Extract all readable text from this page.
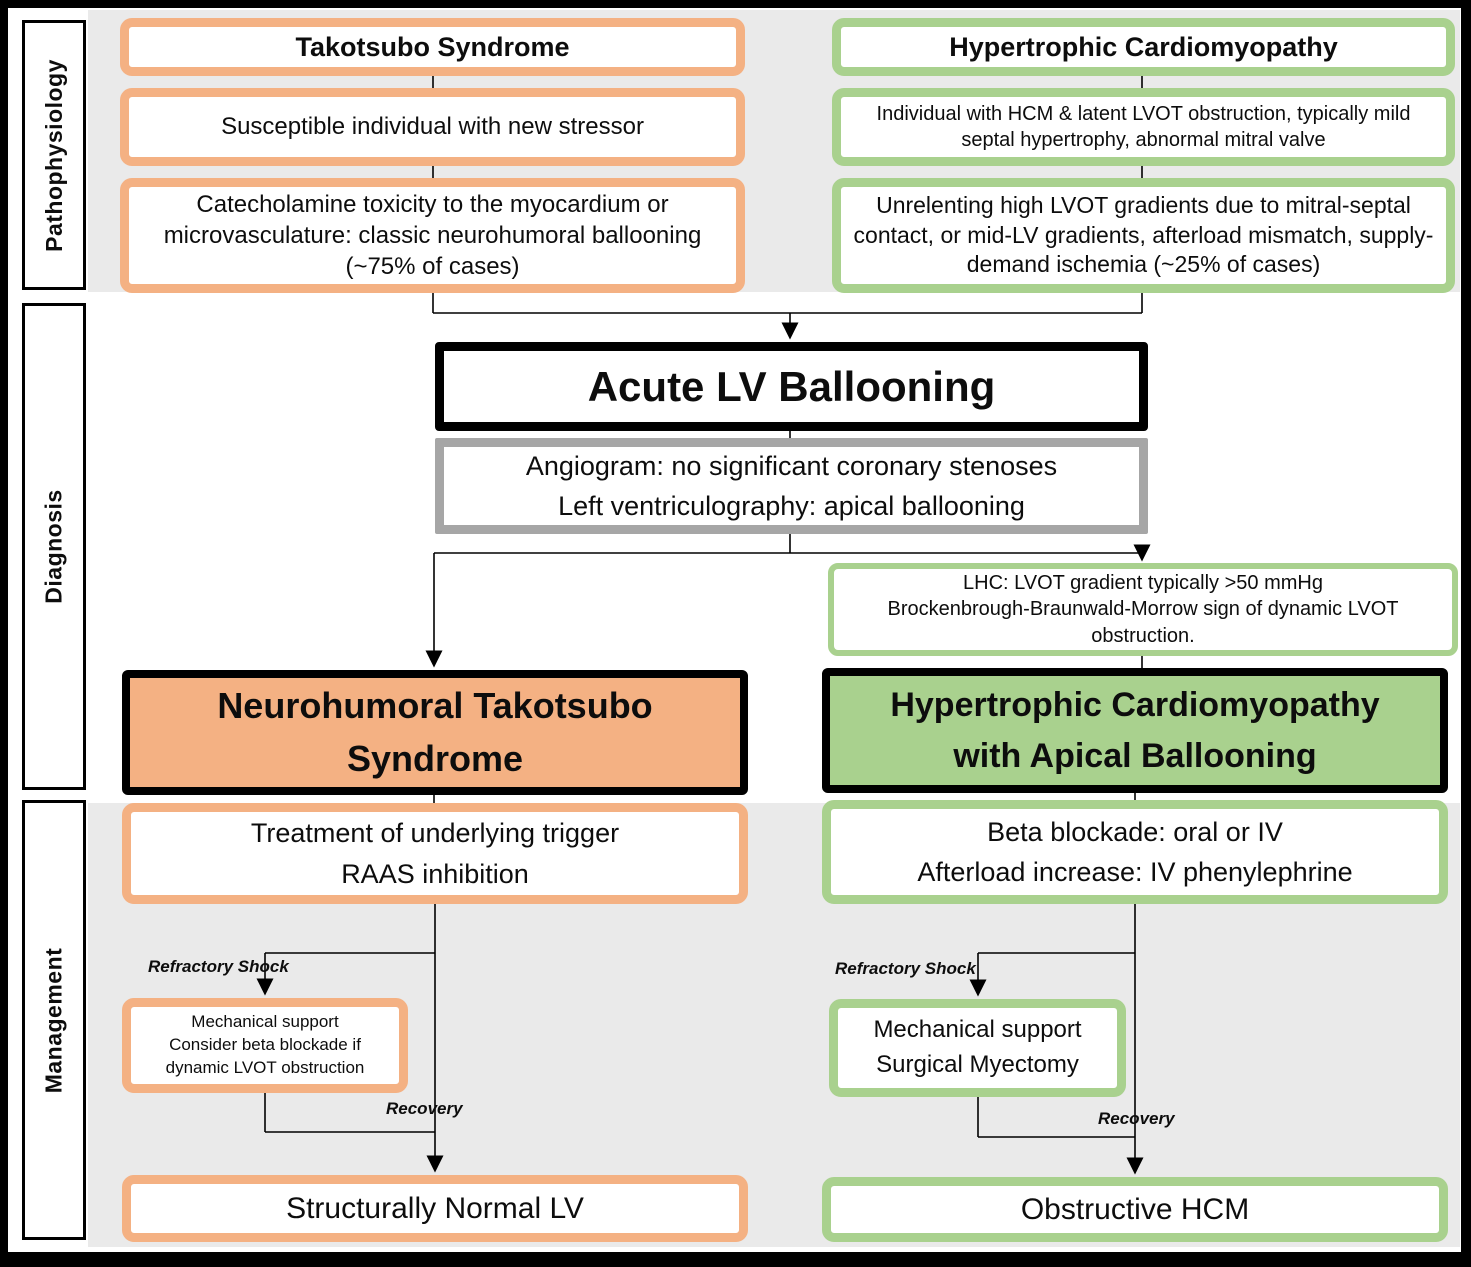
Pathophysiology
Diagnosis
Management
Takotsubo Syndrome
Susceptible individual with new stressor
Catecholamine toxicity to the myocardium or microvasculature: classic neurohumoral ballooning (~75% of cases)
Hypertrophic Cardiomyopathy
Individual with HCM & latent LVOT obstruction, typically mild septal hypertrophy, abnormal mitral valve
Unrelenting high LVOT gradients due to mitral-septal contact, or mid-LV gradients, afterload mismatch, supply-demand ischemia (~25% of cases)
Acute LV Ballooning
Angiogram: no significant coronary stenoses
Left ventriculography: apical ballooning
LHC: LVOT gradient typically >50 mmHg
Brockenbrough-Braunwald-Morrow sign of dynamic LVOT
obstruction.
Neurohumoral Takotsubo
Syndrome
Hypertrophic Cardiomyopathy
with Apical Ballooning
Treatment of underlying trigger
RAAS inhibition
Beta blockade: oral or IV
Afterload increase: IV phenylephrine
Refractory Shock	Refractory Shock
Recovery
Recovery
Mechanical support
Consider beta blockade if
dynamic LVOT obstruction
Mechanical support
Surgical Myectomy
Structurally Normal LV	Obstructive HCM
